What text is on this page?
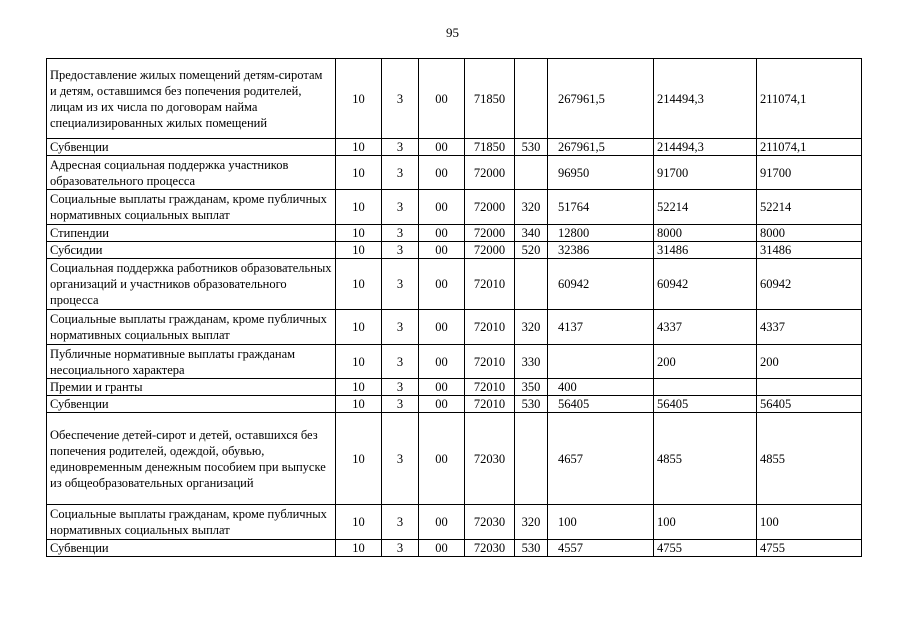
95
Предоставление жилых помещений детям-сиротам и детям, оставшимся без попечения родителей, лицам из их числа по договорам найма специализированных жилых помещений	10	3	00	71850		267961,5	214494,3	211074,1
Субвенции	10	3	00	71850	530	267961,5	214494,3	211074,1
Адресная социальная поддержка участников образовательного процесса	10	3	00	72000		96950	91700	91700
Социальные выплаты гражданам, кроме публичных нормативных социальных выплат	10	3	00	72000	320	51764	52214	52214
Стипендии	10	3	00	72000	340	12800	8000	8000
Субсидии	10	3	00	72000	520	32386	31486	31486
Социальная поддержка работников образовательных организаций и участников образовательного процесса	10	3	00	72010		60942	60942	60942
Социальные выплаты гражданам, кроме публичных нормативных социальных выплат	10	3	00	72010	320	4137	4337	4337
Публичные нормативные выплаты гражданам несоциального характера	10	3	00	72010	330		200	200
Премии и гранты	10	3	00	72010	350	400		
Субвенции	10	3	00	72010	530	56405	56405	56405
Обеспечение детей-сирот и детей, оставшихся без попечения родителей, одеждой, обувью, единовременным денежным пособием при выпуске из общеобразовательных организаций	10	3	00	72030		4657	4855	4855
Социальные выплаты гражданам, кроме публичных нормативных социальных выплат	10	3	00	72030	320	100	100	100
Субвенции	10	3	00	72030	530	4557	4755	4755
